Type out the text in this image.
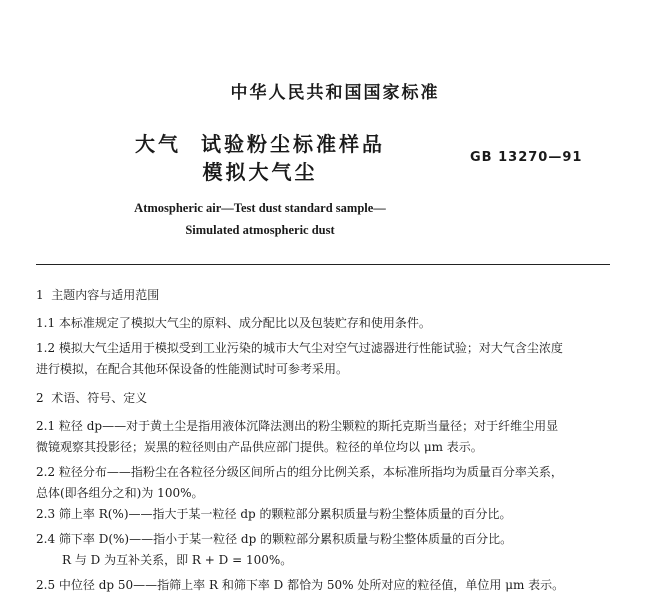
中华人民共和国国家标准
大气  试验粉尘标准样品
模拟大气尘
GB 13270—91
Atmospheric air—Test dust standard sample—
Simulated atmospheric dust
1  主题内容与适用范围
1.1 本标准规定了模拟大气尘的原料、成分配比以及包装贮存和使用条件。
1.2 模拟大气尘适用于模拟受到工业污染的城市大气尘对空气过滤器进行性能试验；对大气含尘浓度
进行模拟，在配合其他环保设备的性能测试时可参考采用。
2  术语、符号、定义
2.1 粒径 dp——对于黄土尘是指用液体沉降法测出的粉尘颗粒的斯托克斯当量径；对于纤维尘用显
微镜观察其投影径；炭黑的粒径则由产品供应部门提供。粒径的单位均以 μm 表示。
2.2 粒径分布——指粉尘在各粒径分级区间所占的组分比例关系，本标准所指均为质量百分率关系，
总体(即各组分之和)为 100%。
2.3 筛上率 R(%)——指大于某一粒径 dp 的颗粒部分累积质量与粉尘整体质量的百分比。
2.4 筛下率 D(%)——指小于某一粒径 dp 的颗粒部分累积质量与粉尘整体质量的百分比。
R 与 D 为互补关系，即 R + D = 100%。
2.5 中位径 dp 50——指筛上率 R 和筛下率 D 都恰为 50% 处所对应的粒径值，单位用 μm 表示。
